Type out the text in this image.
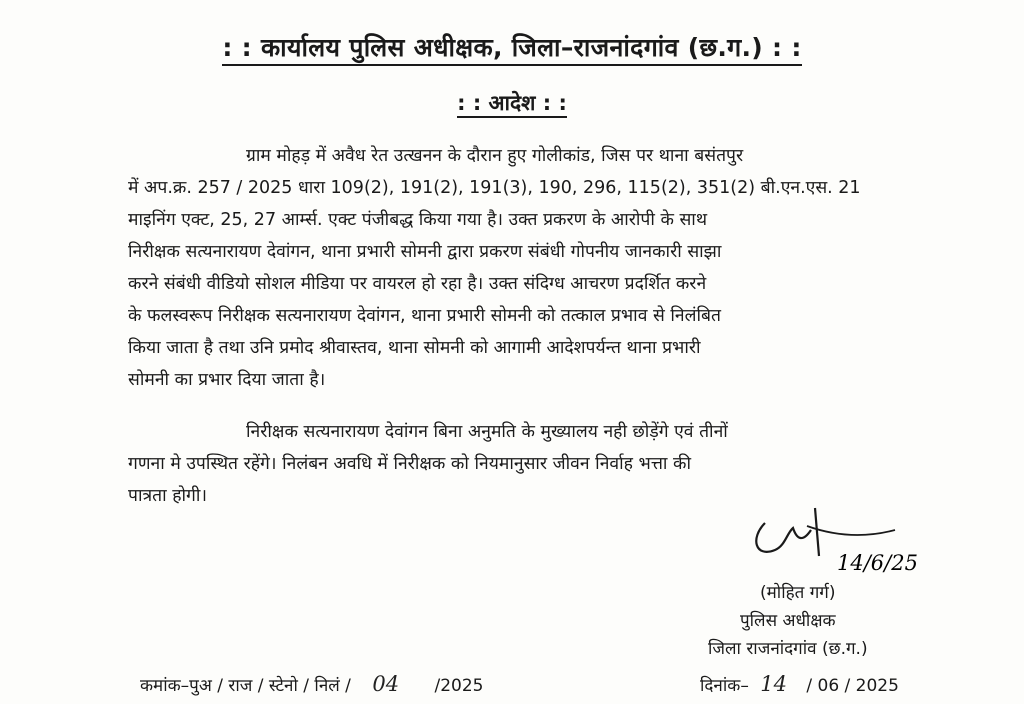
: : कार्यालय पुलिस अधीक्षक, जिला–राजनांदगांव (छ.ग.) : :
: : आदेश : :
ग्राम मोहड़ में अवैध रेत उत्खनन के दौरान हुए गोलीकांड, जिस पर थाना बसंतपुर
में अप.क्र. 257 / 2025 धारा 109(2), 191(2), 191(3), 190, 296, 115(2), 351(2) बी.एन.एस. 21
माइनिंग एक्ट, 25, 27 आर्म्स. एक्ट पंजीबद्ध किया गया है। उक्त प्रकरण के आरोपी के साथ
निरीक्षक सत्यनारायण देवांगन, थाना प्रभारी सोमनी द्वारा प्रकरण संबंधी गोपनीय जानकारी साझा
करने संबंधी वीडियो सोशल मीडिया पर वायरल हो रहा है। उक्त संदिग्ध आचरण प्रदर्शित करने
के फलस्वरूप निरीक्षक सत्यनारायण देवांगन, थाना प्रभारी सोमनी को तत्काल प्रभाव से निलंबित
किया जाता है तथा उनि प्रमोद श्रीवास्तव, थाना सोमनी को आगामी आदेशपर्यन्त थाना प्रभारी
सोमनी का प्रभार दिया जाता है।
निरीक्षक सत्यनारायण देवांगन बिना अनुमति के मुख्यालय नही छोड़ेंगे एवं तीनों
गणना मे उपस्थित रहेंगे। निलंबन अवधि में निरीक्षक को नियमानुसार जीवन निर्वाह भत्ता की
पात्रता होगी।
14/6/25
(मोहित गर्ग)
पुलिस अधीक्षक
जिला राजनांदगांव (छ.ग.)
कमांक–पुअ / राज / स्टेनो / निलं / 04 /2025	दिनांक– 14 / 06 / 2025
